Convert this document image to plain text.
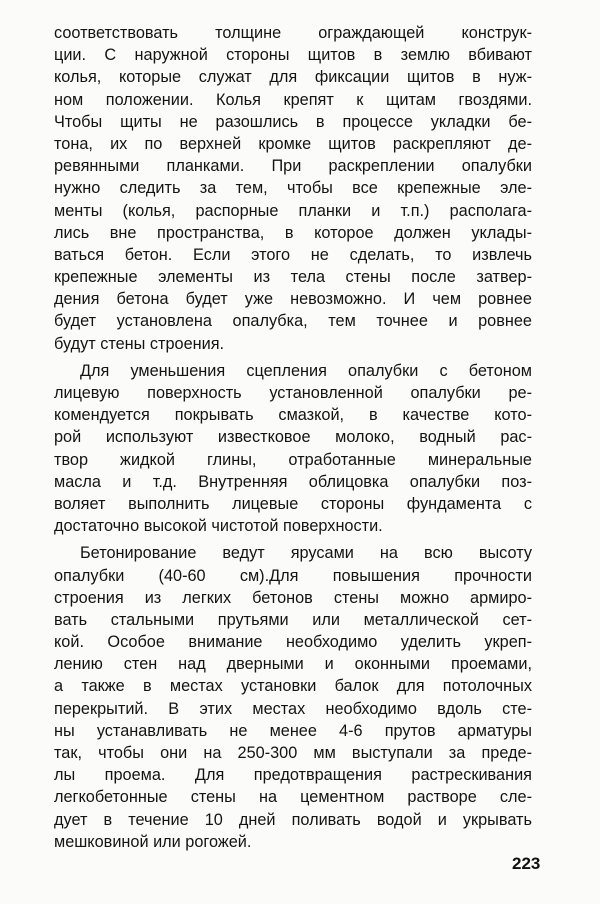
соответствовать толщине ограждающей конструк-
ции. С наружной стороны щитов в землю вбивают
колья, которые служат для фиксации щитов в нуж-
ном положении. Колья крепят к щитам гвоздями.
Чтобы щиты не разошлись в процессе укладки бе-
тона, их по верхней кромке щитов раскрепляют де-
ревянными планками. При раскреплении опалубки
нужно следить за тем, чтобы все крепежные эле-
менты (колья, распорные планки и т.п.) располага-
лись вне пространства, в которое должен уклады-
ваться бетон. Если этого не сделать, то извлечь
крепежные элементы из тела стены после затвер-
дения бетона будет уже невозможно. И чем ровнее
будет установлена опалубка, тем точнее и ровнее
будут стены строения.
Для уменьшения сцепления опалубки с бетоном
лицевую поверхность установленной опалубки ре-
комендуется покрывать смазкой, в качестве кото-
рой используют известковое молоко, водный рас-
твор жидкой глины, отработанные минеральные
масла и т.д. Внутренняя облицовка опалубки поз-
воляет выполнить лицевые стороны фундамента с
достаточно высокой чистотой поверхности.
Бетонирование ведут ярусами на всю высоту
опалубки (40-60 см).Для повышения прочности
строения из легких бетонов стены можно армиро-
вать стальными прутьями или металлической сет-
кой. Особое внимание необходимо уделить укреп-
лению стен над дверными и оконными проемами,
а также в местах установки балок для потолочных
перекрытий. В этих местах необходимо вдоль сте-
ны устанавливать не менее 4-6 прутов арматуры
так, чтобы они на 250-300 мм выступали за преде-
лы проема. Для предотвращения растрескивания
легкобетонные стены на цементном растворе сле-
дует в течение 10 дней поливать водой и укрывать
мешковиной или рогожей.
223
